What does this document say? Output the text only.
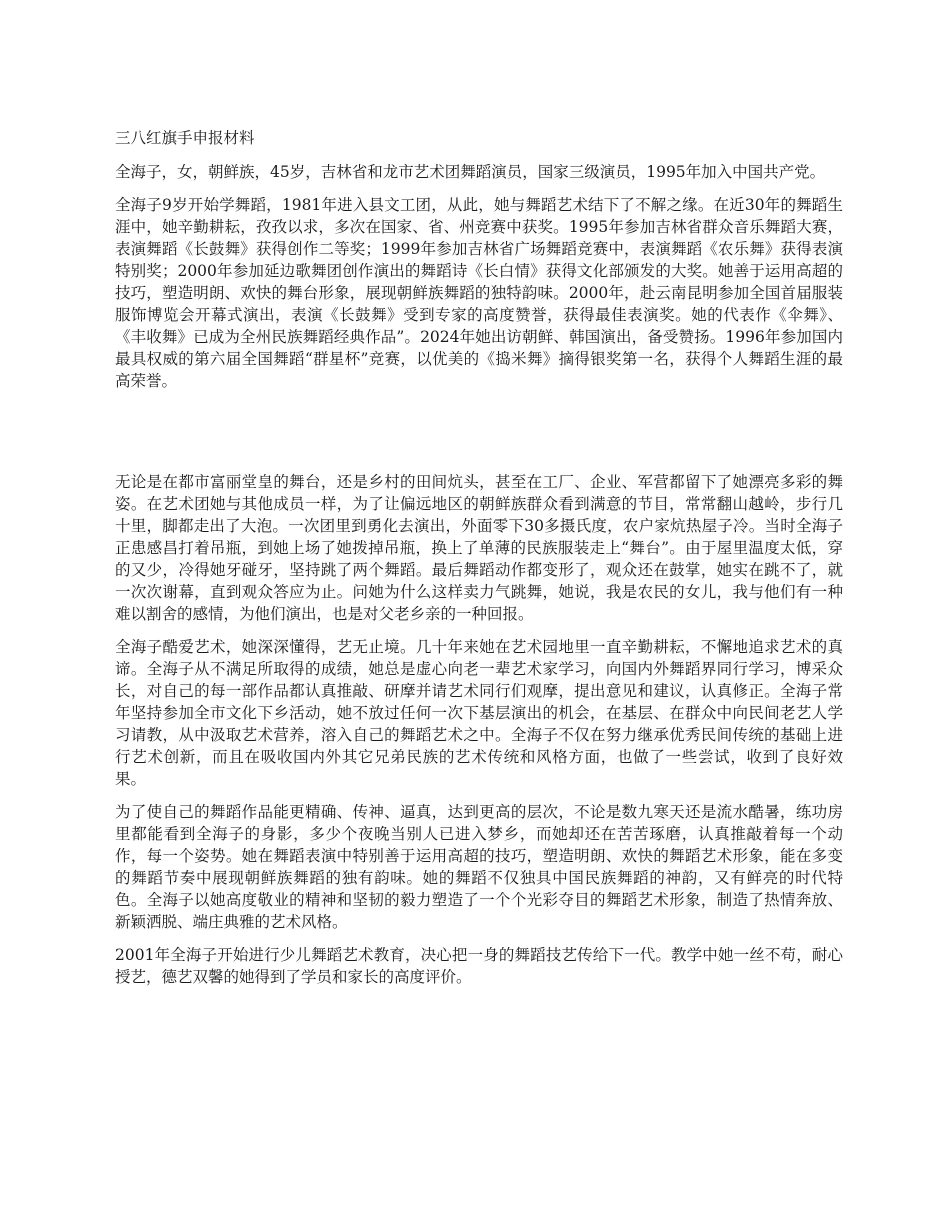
三八红旗手申报材料

全海子，女，朝鲜族，45岁，吉林省和龙市艺术团舞蹈演员，国家三级演员，1995年加入中国共产党。

全海子9岁开始学舞蹈，1981年进入县文工团，从此，她与舞蹈艺术结下了不解之缘。在近30年的舞蹈生涯中，她辛勤耕耘，孜孜以求，多次在国家、省、州竞赛中获奖。1995年参加吉林省群众音乐舞蹈大赛，表演舞蹈《长鼓舞》获得创作二等奖；1999年参加吉林省广场舞蹈竞赛中，表演舞蹈《农乐舞》获得表演特别奖；2000年参加延边歌舞团创作演出的舞蹈诗《长白情》获得文化部颁发的大奖。她善于运用高超的技巧，塑造明朗、欢快的舞台形象，展现朝鲜族舞蹈的独特韵味。2000年，赴云南昆明参加全国首届服装服饰博览会开幕式演出，表演《长鼓舞》受到专家的高度赞誉，获得最佳表演奖。她的代表作《伞舞》、《丰收舞》已成为全州民族舞蹈经典作品”。2024年她出访朝鲜、韩国演出，备受赞扬。1996年参加国内最具权威的第六届全国舞蹈“群星杯”竞赛，以优美的《捣米舞》摘得银奖第一名，获得个人舞蹈生涯的最高荣誉。

无论是在都市富丽堂皇的舞台，还是乡村的田间炕头，甚至在工厂、企业、军营都留下了她漂亮多彩的舞姿。在艺术团她与其他成员一样，为了让偏远地区的朝鲜族群众看到满意的节目，常常翻山越岭，步行几十里，脚都走出了大泡。一次团里到勇化去演出，外面零下30多摄氏度，农户家炕热屋子冷。当时全海子正患感昌打着吊瓶，到她上场了她拨掉吊瓶，换上了单薄的民族服装走上“舞台”。由于屋里温度太低，穿的又少，冷得她牙碰牙，坚持跳了两个舞蹈。最后舞蹈动作都变形了，观众还在鼓掌，她实在跳不了，就一次次谢幕，直到观众答应为止。问她为什么这样卖力气跳舞，她说，我是农民的女儿，我与他们有一种难以割舍的感情，为他们演出，也是对父老乡亲的一种回报。

全海子酷爱艺术，她深深懂得，艺无止境。几十年来她在艺术园地里一直辛勤耕耘，不懈地追求艺术的真谛。全海子从不满足所取得的成绩，她总是虚心向老一辈艺术家学习，向国内外舞蹈界同行学习，博采众长，对自己的每一部作品都认真推敲、研摩并请艺术同行们观摩，提出意见和建议，认真修正。全海子常年坚持参加全市文化下乡活动，她不放过任何一次下基层演出的机会，在基层、在群众中向民间老艺人学习请教，从中汲取艺术营养，溶入自己的舞蹈艺术之中。全海子不仅在努力继承优秀民间传统的基础上进行艺术创新，而且在吸收国内外其它兄弟民族的艺术传统和风格方面，也做了一些尝试，收到了良好效果。

为了使自己的舞蹈作品能更精确、传神、逼真，达到更高的层次，不论是数九寒天还是流水酷暑，练功房里都能看到全海子的身影，多少个夜晚当别人已进入梦乡，而她却还在苦苦琢磨，认真推敲着每一个动作，每一个姿势。她在舞蹈表演中特别善于运用高超的技巧，塑造明朗、欢快的舞蹈艺术形象，能在多变的舞蹈节奏中展现朝鲜族舞蹈的独有韵味。她的舞蹈不仅独具中国民族舞蹈的神韵，又有鲜亮的时代特色。全海子以她高度敬业的精神和坚韧的毅力塑造了一个个光彩夺目的舞蹈艺术形象，制造了热情奔放、新颖洒脱、端庄典雅的艺术风格。

2001年全海子开始进行少儿舞蹈艺术教育，决心把一身的舞蹈技艺传给下一代。教学中她一丝不苟，耐心授艺，德艺双馨的她得到了学员和家长的高度评价。
